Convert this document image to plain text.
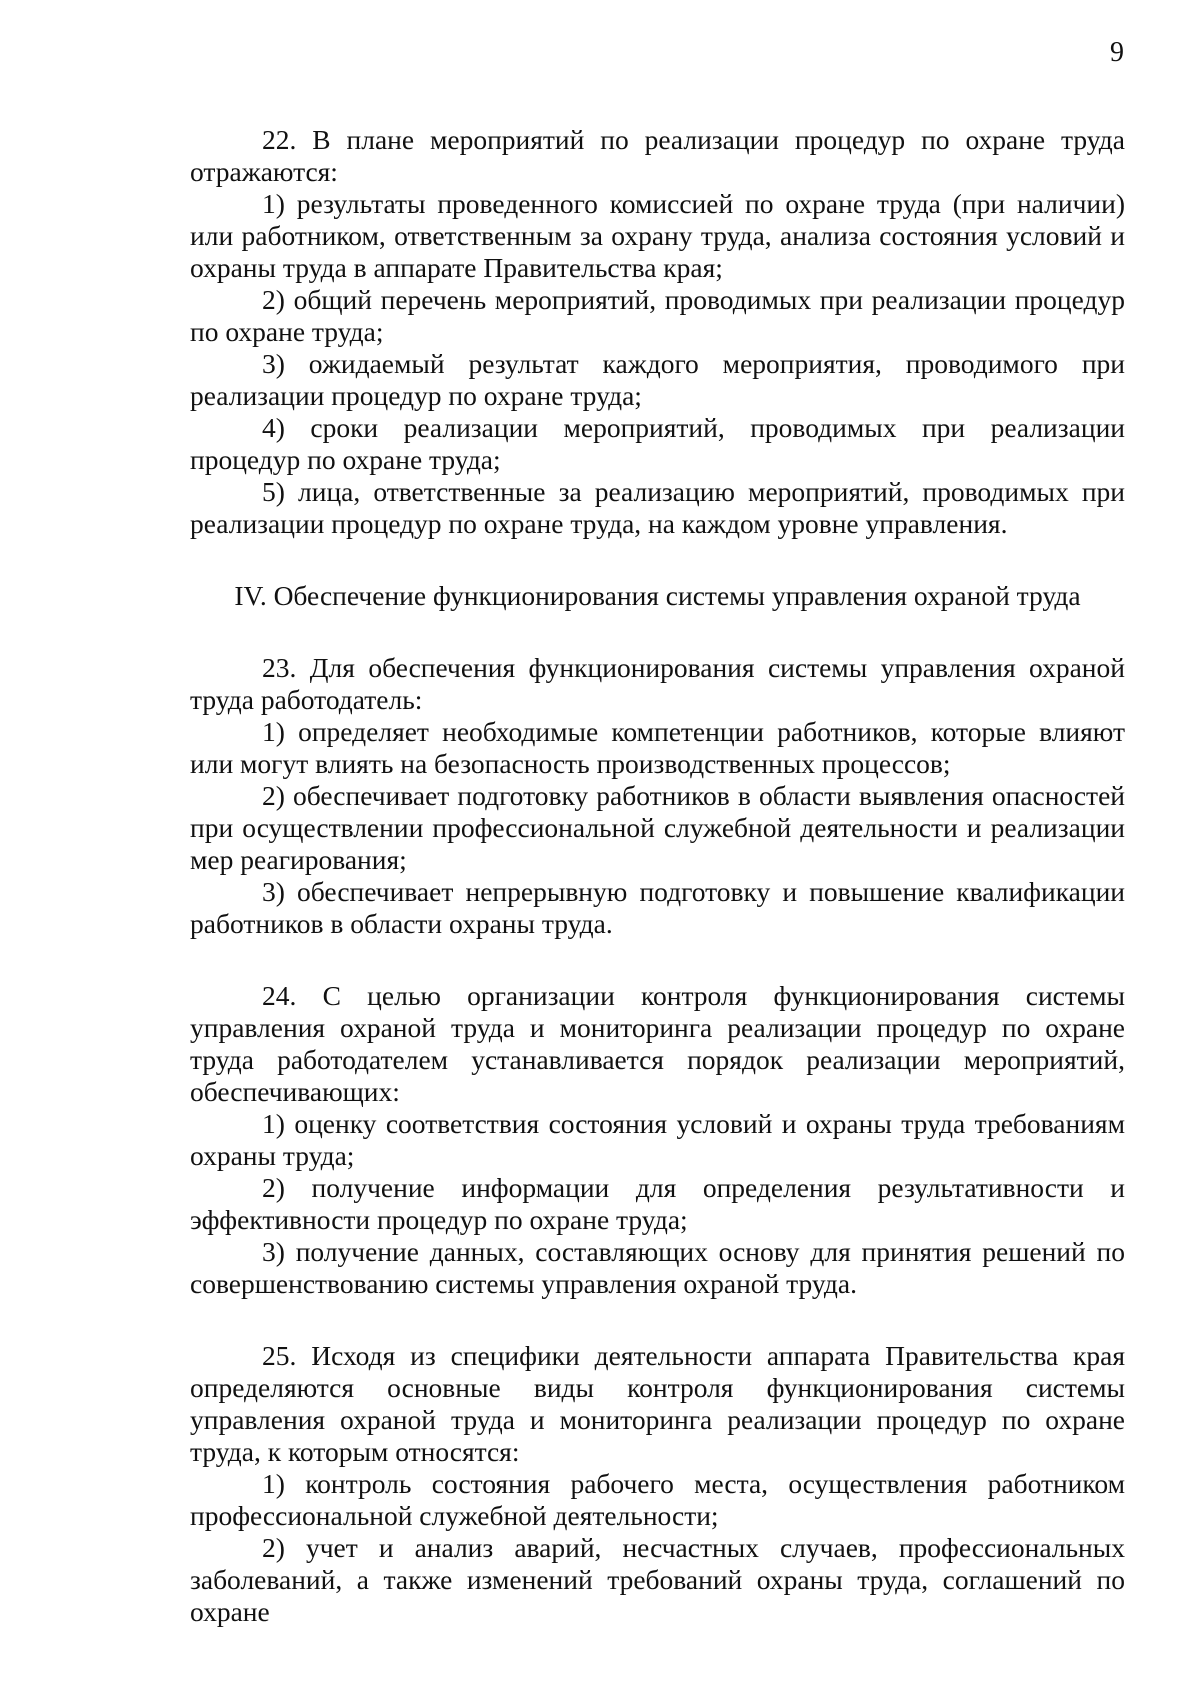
9

22. В плане мероприятий по реализации процедур по охране труда отражаются:

1) результаты проведенного комиссией по охране труда (при наличии) или работником, ответственным за охрану труда, анализа состояния условий и охраны труда в аппарате Правительства края;

2) общий перечень мероприятий, проводимых при реализации процедур по охране труда;

3) ожидаемый результат каждого мероприятия, проводимого при реализации процедур по охране труда;

4) сроки реализации мероприятий, проводимых при реализации процедур по охране труда;

5) лица, ответственные за реализацию мероприятий, проводимых при реализации процедур по охране труда, на каждом уровне управления.

IV. Обеспечение функционирования системы управления охраной труда

23. Для обеспечения функционирования системы управления охраной труда работодатель:

1) определяет необходимые компетенции работников, которые влияют или могут влиять на безопасность производственных процессов;

2) обеспечивает подготовку работников в области выявления опасностей при осуществлении профессиональной служебной деятельности и реализации мер реагирования;

3) обеспечивает непрерывную подготовку и повышение квалификации работников в области охраны труда.

24. С целью организации контроля функционирования системы управления охраной труда и мониторинга реализации процедур по охране труда работодателем устанавливается порядок реализации мероприятий, обеспечивающих:

1) оценку соответствия состояния условий и охраны труда требованиям охраны труда;

2) получение информации для определения результативности и эффективности процедур по охране труда;

3) получение данных, составляющих основу для принятия решений по совершенствованию системы управления охраной труда.

25. Исходя из специфики деятельности аппарата Правительства края определяются основные виды контроля функционирования системы управления охраной труда и мониторинга реализации процедур по охране труда, к которым относятся:

1) контроль состояния рабочего места, осуществления работником профессиональной служебной деятельности;

2) учет и анализ аварий, несчастных случаев, профессиональных заболеваний, а также изменений требований охраны труда, соглашений по охране
